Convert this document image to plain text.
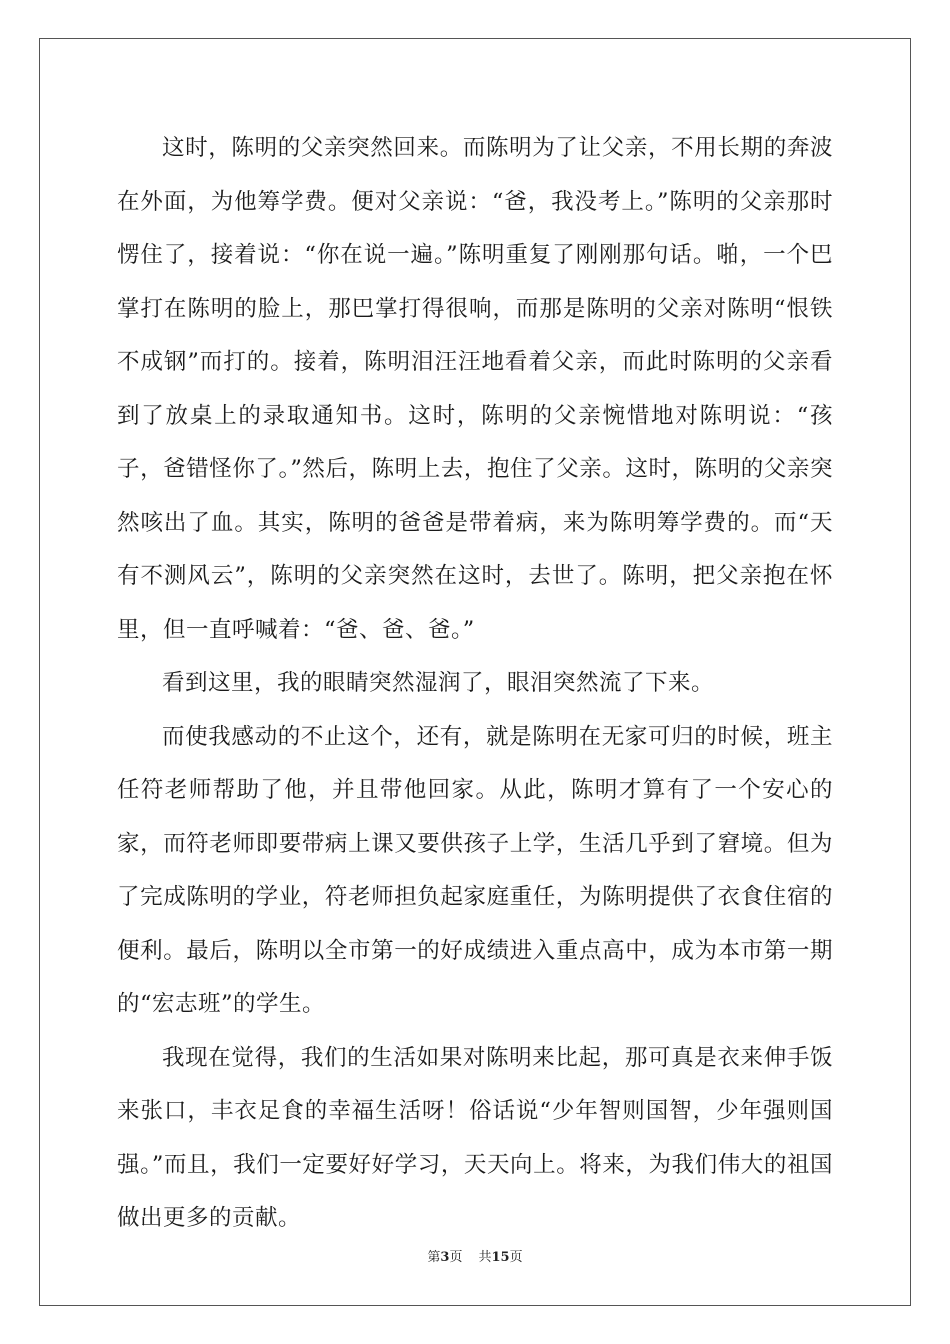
这时，陈明的父亲突然回来。而陈明为了让父亲，不用长期的奔波在外面，为他筹学费。便对父亲说：“爸，我没考上。”陈明的父亲那时愣住了，接着说：“你在说一遍。”陈明重复了刚刚那句话。啪，一个巴掌打在陈明的脸上，那巴掌打得很响，而那是陈明的父亲对陈明“恨铁不成钢”而打的。接着，陈明泪汪汪地看着父亲，而此时陈明的父亲看到了放桌上的录取通知书。这时，陈明的父亲惋惜地对陈明说：“孩子，爸错怪你了。”然后，陈明上去，抱住了父亲。这时，陈明的父亲突然咳出了血。其实，陈明的爸爸是带着病，来为陈明筹学费的。而“天有不测风云”，陈明的父亲突然在这时，去世了。陈明，把父亲抱在怀里，但一直呼喊着：“爸、爸、爸。”

看到这里，我的眼睛突然湿润了，眼泪突然流了下来。

而使我感动的不止这个，还有，就是陈明在无家可归的时候，班主任符老师帮助了他，并且带他回家。从此，陈明才算有了一个安心的家，而符老师即要带病上课又要供孩子上学，生活几乎到了窘境。但为了完成陈明的学业，符老师担负起家庭重任，为陈明提供了衣食住宿的便利。最后，陈明以全市第一的好成绩进入重点高中，成为本市第一期的“宏志班”的学生。

我现在觉得，我们的生活如果对陈明来比起，那可真是衣来伸手饭来张口，丰衣足食的幸福生活呀！俗话说“少年智则国智，少年强则国强。”而且，我们一定要好好学习，天天向上。将来，为我们伟大的祖国做出更多的贡献。

第3页 共15页
